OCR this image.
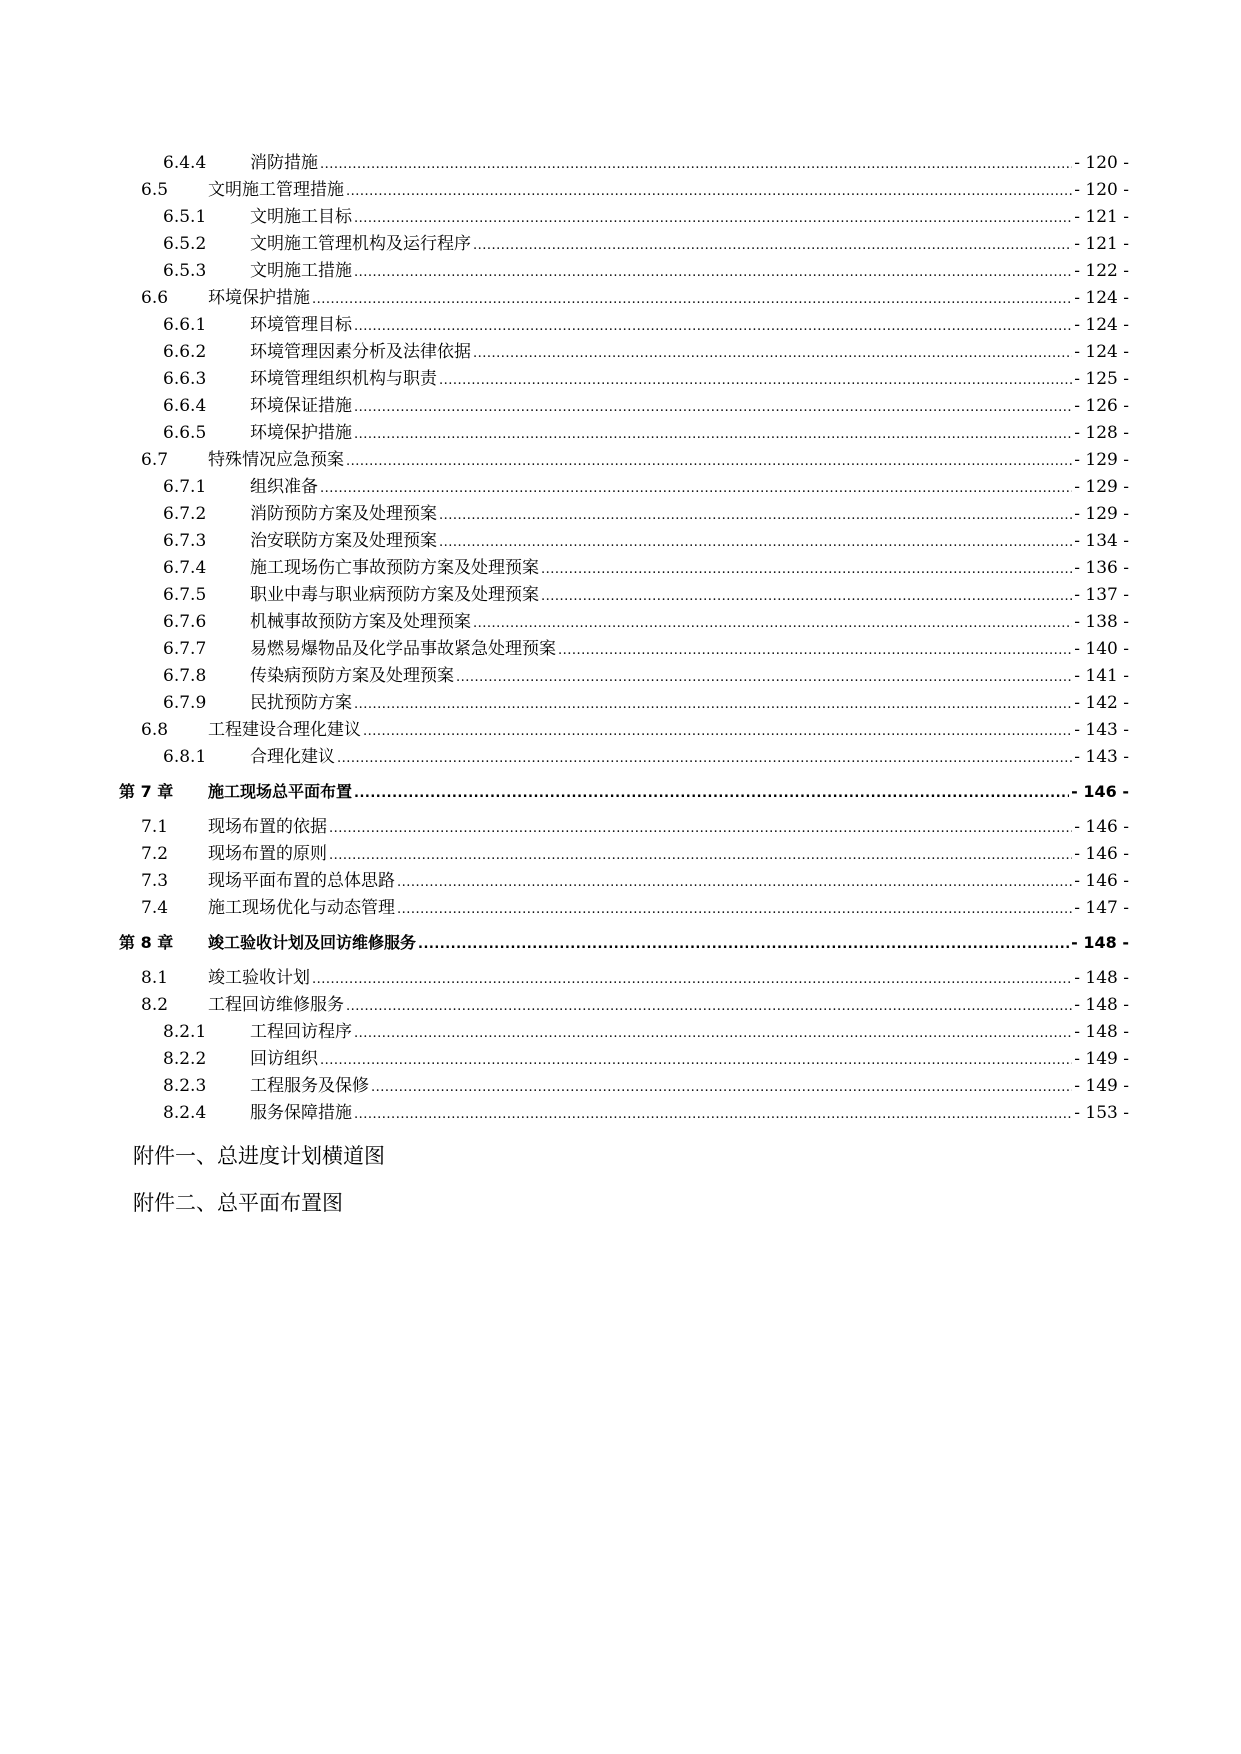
6.4.4	消防措施 .....	- 120 -
6.5 文明施工管理措施 .....	- 120 -
6.5.1	文明施工目标 .....	- 121 -
6.5.2	文明施工管理机构及运行程序 .....	- 121 -
6.5.3	文明施工措施 .....	- 122 -
6.6 环境保护措施 .....	- 124 -
6.6.1	环境管理目标 .....	- 124 -
6.6.2	环境管理因素分析及法律依据 .....	- 124 -
6.6.3	环境管理组织机构与职责 .....	- 125 -
6.6.4	环境保证措施 .....	- 126 -
6.6.5	环境保护措施 .....	- 128 -
6.7 特殊情况应急预案 .....	- 129 -
6.7.1	组织准备 .....	- 129 -
6.7.2	消防预防方案及处理预案 .....	- 129 -
6.7.3	治安联防方案及处理预案 .....	- 134 -
6.7.4	施工现场伤亡事故预防方案及处理预案 .....	- 136 -
6.7.5	职业中毒与职业病预防方案及处理预案 .....	- 137 -
6.7.6	机械事故预防方案及处理预案 .....	- 138 -
6.7.7	易燃易爆物品及化学品事故紧急处理预案 .....	- 140 -
6.7.8	传染病预防方案及处理预案 .....	- 141 -
6.7.9	民扰预防方案 .....	- 142 -
6.8 工程建设合理化建议 .....	- 143 -
6.8.1	合理化建议 .....	- 143 -
第 7 章 施工现场总平面布置 .....	- 146 -
7.1 现场布置的依据 .....	- 146 -
7.2 现场布置的原则 .....	- 146 -
7.3 现场平面布置的总体思路 .....	- 146 -
7.4 施工现场优化与动态管理 .....	- 147 -
第 8 章 竣工验收计划及回访维修服务 .....	- 148 -
8.1 竣工验收计划 .....	- 148 -
8.2 工程回访维修服务 .....	- 148 -
8.2.1	工程回访程序 .....	- 148 -
8.2.2	回访组织 .....	- 149 -
8.2.3	工程服务及保修 .....	- 149 -
8.2.4	服务保障措施 .....	- 153 -
附件一、总进度计划横道图
附件二、总平面布置图
